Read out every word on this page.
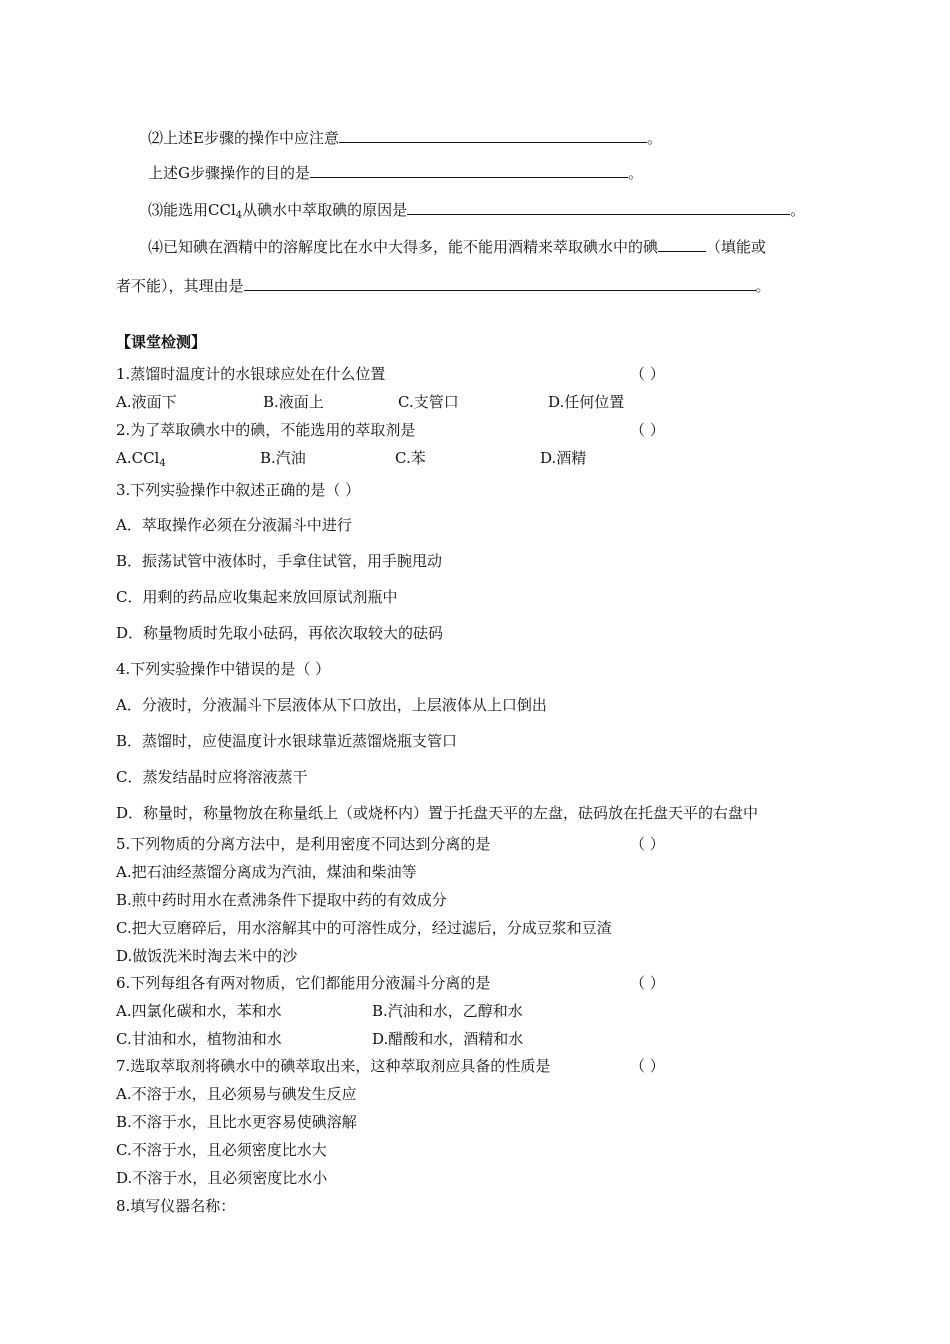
⑵上述E步骤的操作中应注意	。
上述G步骤操作的目的是	。
⑶能选用CCl$_4$从碘水中萃取碘的原因是	。
⑷已知碘在酒精中的溶解度比在水中大得多，能不能用酒精来萃取碘水中的碘	（填能或
者不能），其理由是	。
【课堂检测】
1.蒸馏时温度计的水银球应处在什么位置	（ ）
A.液面下	B.液面上	C.支管口	D.任何位置
2.为了萃取碘水中的碘，不能选用的萃取剂是	（ ）
A.CCl$_4$	B.汽油	C.苯	D.酒精
3.下列实验操作中叙述正确的是（ ）
A．萃取操作必须在分液漏斗中进行
B．振荡试管中液体时，手拿住试管，用手腕甩动
C．用剩的药品应收集起来放回原试剂瓶中
D．称量物质时先取小砝码，再依次取较大的砝码
4.下列实验操作中错误的是（ ）
A．分液时，分液漏斗下层液体从下口放出，上层液体从上口倒出
B．蒸馏时，应使温度计水银球靠近蒸馏烧瓶支管口
C．蒸发结晶时应将溶液蒸干
D．称量时，称量物放在称量纸上（或烧杯内）置于托盘天平的左盘，砝码放在托盘天平的右盘中
5.下列物质的分离方法中，是利用密度不同达到分离的是	（ ）
A.把石油经蒸馏分离成为汽油，煤油和柴油等
B.煎中药时用水在煮沸条件下提取中药的有效成分
C.把大豆磨碎后，用水溶解其中的可溶性成分，经过滤后，分成豆浆和豆渣
D.做饭洗米时淘去米中的沙
6.下列每组各有两对物质，它们都能用分液漏斗分离的是	（ ）
A.四氯化碳和水，苯和水	B.汽油和水，乙醇和水
C.甘油和水，植物油和水	D.醋酸和水，酒精和水
7.选取萃取剂将碘水中的碘萃取出来，这种萃取剂应具备的性质是	（ ）
A.不溶于水，且必须易与碘发生反应
B.不溶于水，且比水更容易使碘溶解
C.不溶于水，且必须密度比水大
D.不溶于水，且必须密度比水小
8.填写仪器名称：
